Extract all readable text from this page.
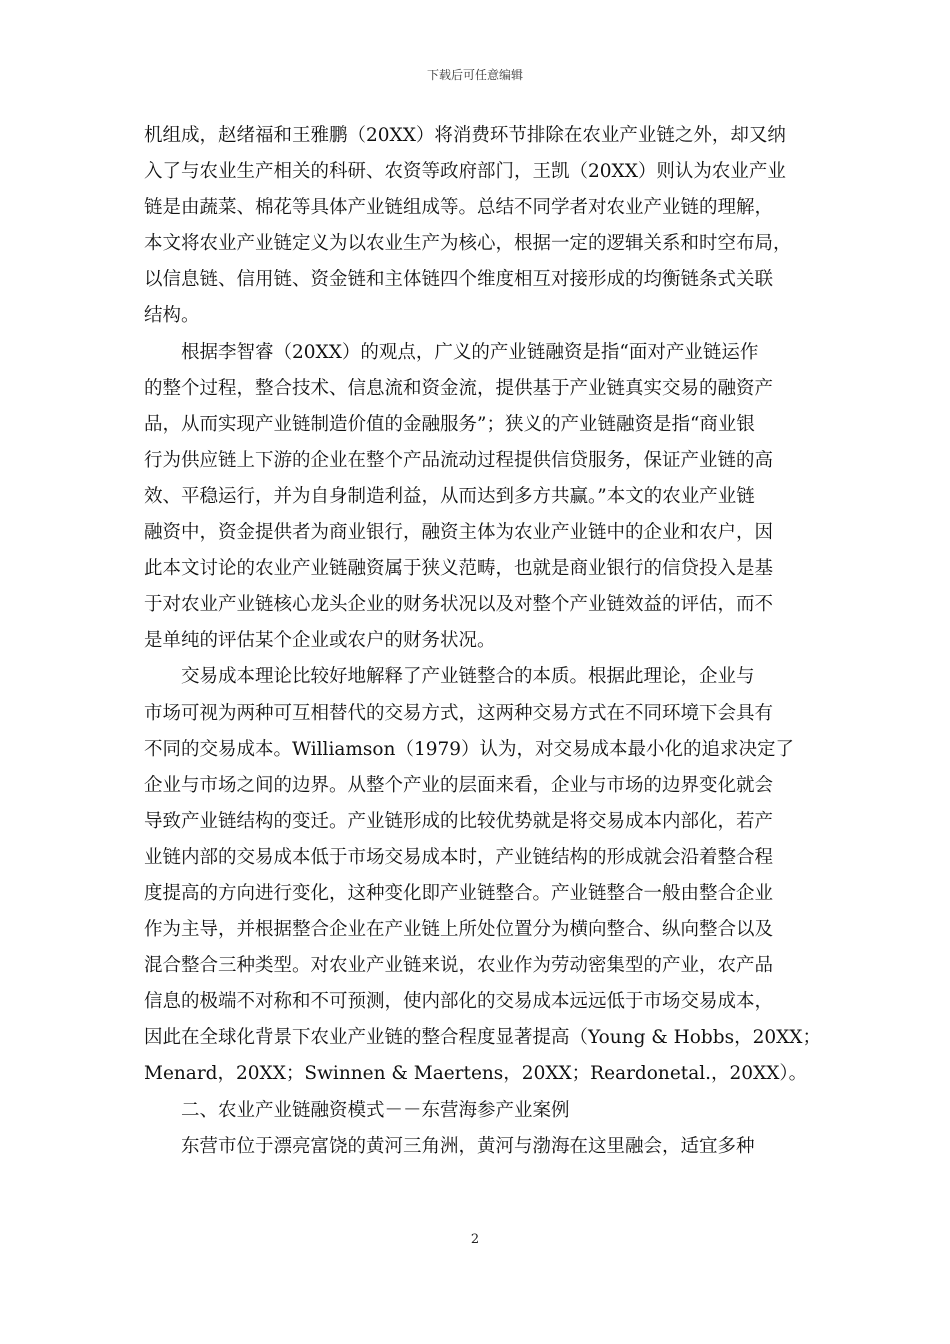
下载后可任意编辑
机组成，赵绪福和王雅鹏（20XX）将消费环节排除在农业产业链之外，却又纳
入了与农业生产相关的科研、农资等政府部门，王凯（20XX）则认为农业产业
链是由蔬菜、棉花等具体产业链组成等。总结不同学者对农业产业链的理解，
本文将农业产业链定义为以农业生产为核心，根据一定的逻辑关系和时空布局，
以信息链、信用链、资金链和主体链四个维度相互对接形成的均衡链条式关联
结构。
　　根据李智睿（20XX）的观点，广义的产业链融资是指“面对产业链运作
的整个过程，整合技术、信息流和资金流，提供基于产业链真实交易的融资产
品，从而实现产业链制造价值的金融服务”；狭义的产业链融资是指“商业银
行为供应链上下游的企业在整个产品流动过程提供信贷服务，保证产业链的高
效、平稳运行，并为自身制造利益，从而达到多方共赢。”本文的农业产业链
融资中，资金提供者为商业银行，融资主体为农业产业链中的企业和农户，因
此本文讨论的农业产业链融资属于狭义范畴，也就是商业银行的信贷投入是基
于对农业产业链核心龙头企业的财务状况以及对整个产业链效益的评估，而不
是单纯的评估某个企业或农户的财务状况。
　　交易成本理论比较好地解释了产业链整合的本质。根据此理论，企业与
市场可视为两种可互相替代的交易方式，这两种交易方式在不同环境下会具有
不同的交易成本。Williamson（1979）认为，对交易成本最小化的追求决定了
企业与市场之间的边界。从整个产业的层面来看，企业与市场的边界变化就会
导致产业链结构的变迁。产业链形成的比较优势就是将交易成本内部化，若产
业链内部的交易成本低于市场交易成本时，产业链结构的形成就会沿着整合程
度提高的方向进行变化，这种变化即产业链整合。产业链整合一般由整合企业
作为主导，并根据整合企业在产业链上所处位置分为横向整合、纵向整合以及
混合整合三种类型。对农业产业链来说，农业作为劳动密集型的产业，农产品
信息的极端不对称和不可预测，使内部化的交易成本远远低于市场交易成本，
因此在全球化背景下农业产业链的整合程度显著提高（Young & Hobbs，20XX；
Menard，20XX；Swinnen & Maertens，20XX；Reardonetal.，20XX）。
　　二、农业产业链融资模式－－东营海参产业案例
　　东营市位于漂亮富饶的黄河三角洲，黄河与渤海在这里融会，适宜多种
2
